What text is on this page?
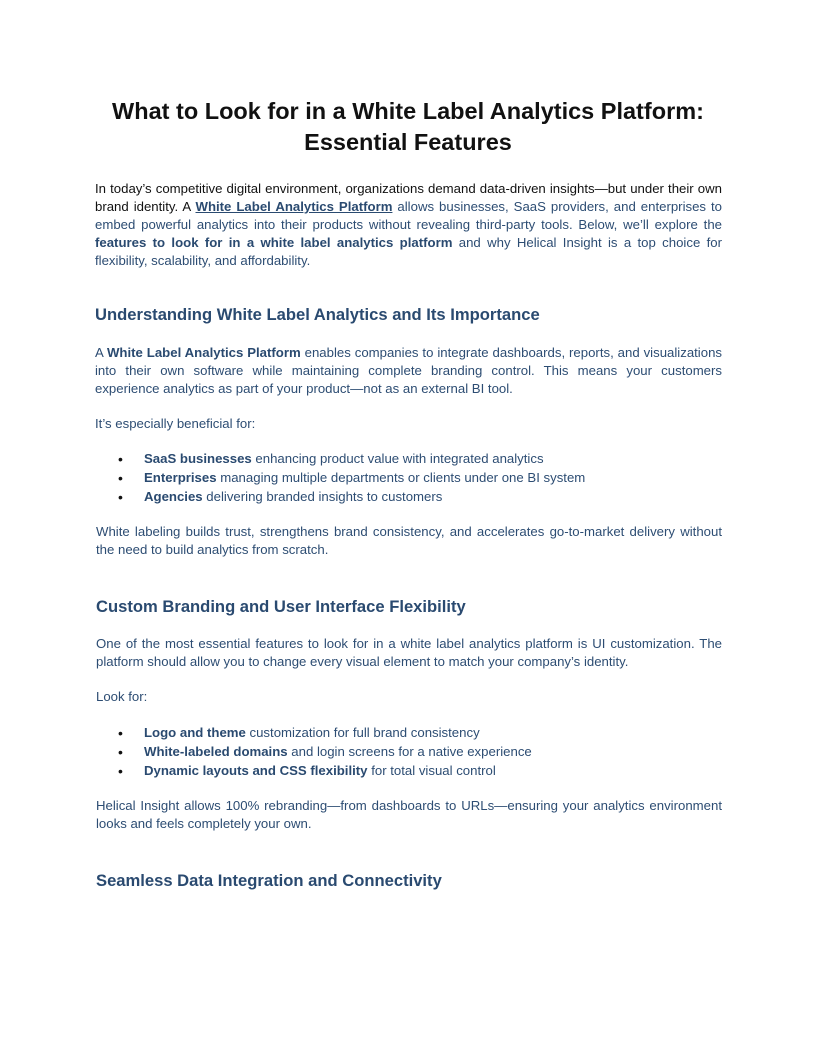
What to Look for in a White Label Analytics Platform:
Essential Features

In today’s competitive digital environment, organizations demand data-driven insights—but under their own brand identity. A White Label Analytics Platform allows businesses, SaaS providers, and enterprises to embed powerful analytics into their products without revealing third-party tools. Below, we’ll explore the features to look for in a white label analytics platform and why Helical Insight is a top choice for flexibility, scalability, and affordability.

Understanding White Label Analytics and Its Importance

A White Label Analytics Platform enables companies to integrate dashboards, reports, and visualizations into their own software while maintaining complete branding control. This means your customers experience analytics as part of your product—not as an external BI tool.

It’s especially beneficial for:

• SaaS businesses enhancing product value with integrated analytics
• Enterprises managing multiple departments or clients under one BI system
• Agencies delivering branded insights to customers

White labeling builds trust, strengthens brand consistency, and accelerates go-to-market delivery without the need to build analytics from scratch.

Custom Branding and User Interface Flexibility

One of the most essential features to look for in a white label analytics platform is UI customization. The platform should allow you to change every visual element to match your company’s identity.

Look for:

• Logo and theme customization for full brand consistency
• White-labeled domains and login screens for a native experience
• Dynamic layouts and CSS flexibility for total visual control

Helical Insight allows 100% rebranding—from dashboards to URLs—ensuring your analytics environment looks and feels completely your own.

Seamless Data Integration and Connectivity
